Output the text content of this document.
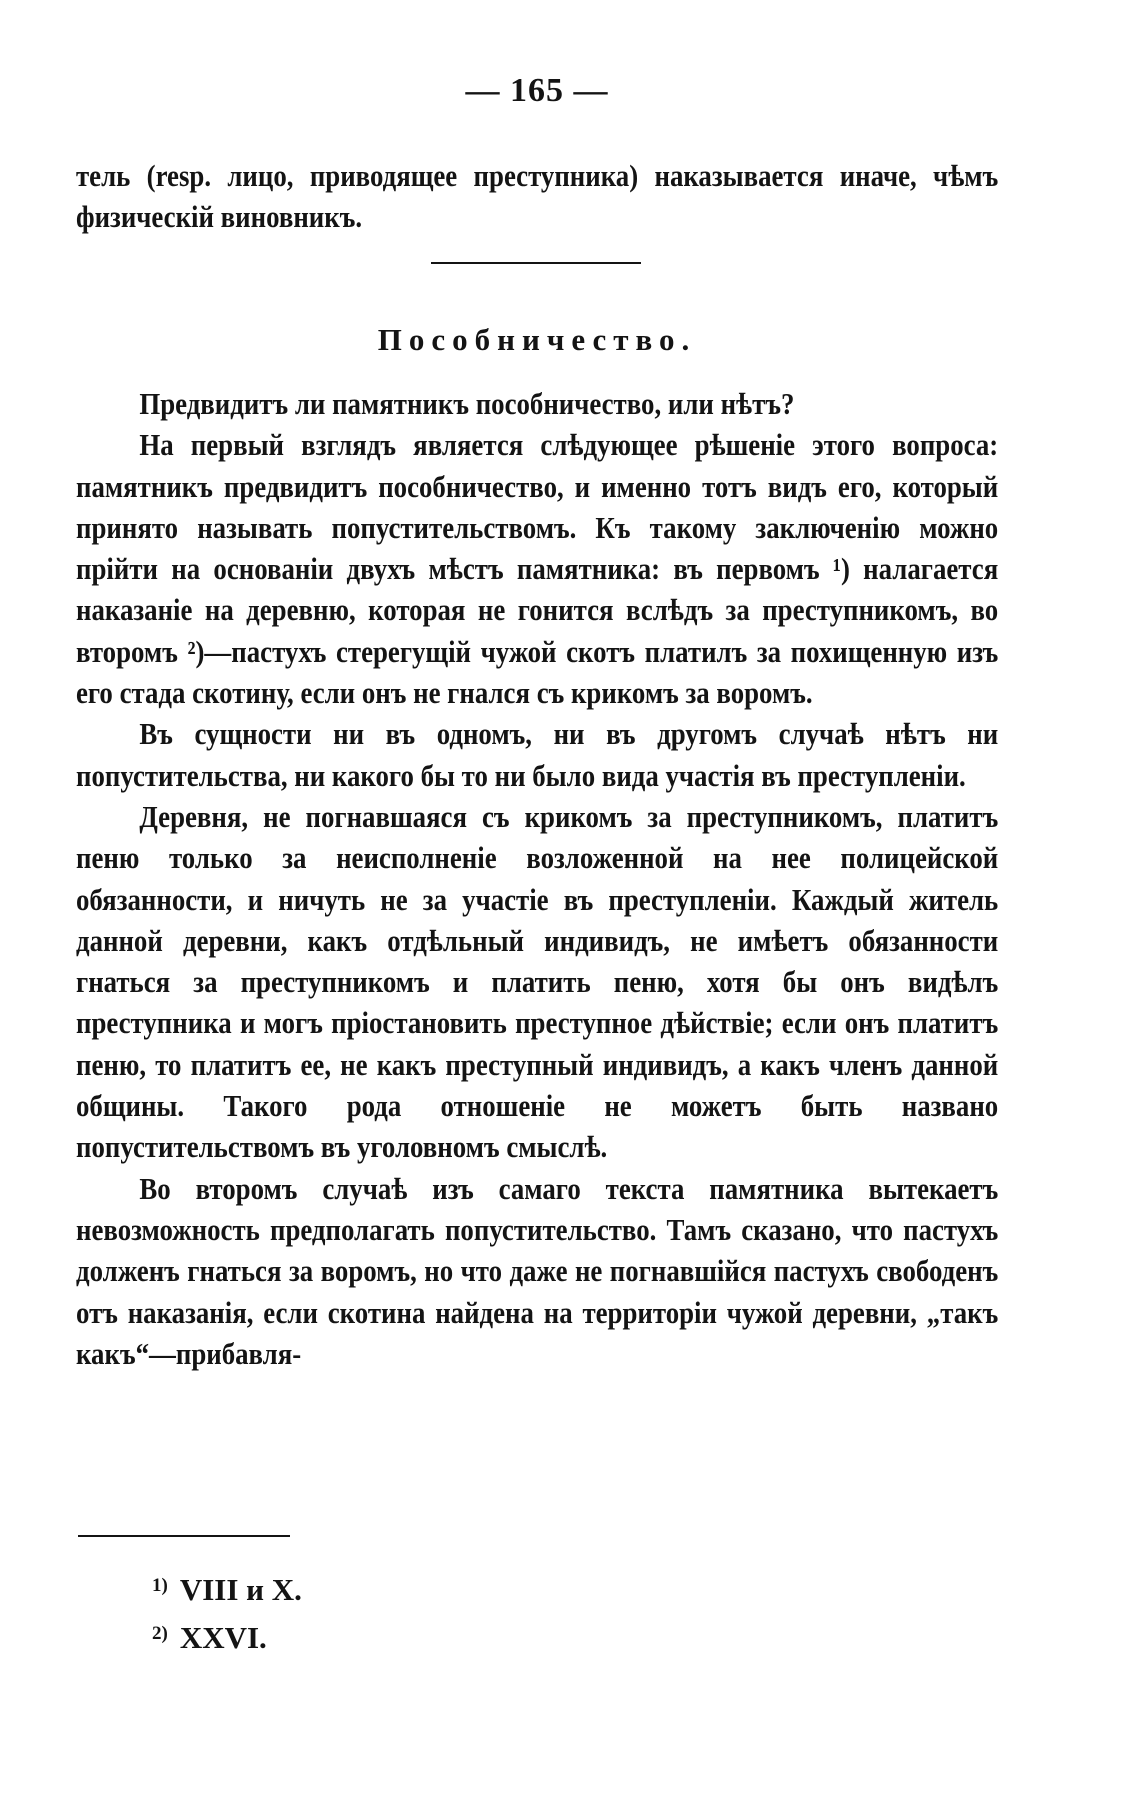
— 165 —

тель (resp. лицо, приводящее преступника) наказывается иначе, чѣмъ физическій виновникъ.

Пособничество.

Предвидитъ ли памятникъ пособничество, или нѣтъ?

На первый взглядъ является слѣдующее рѣшеніе этого вопроса: памятникъ предвидитъ пособничество, и именно тотъ видъ его, который принято называть попустительствомъ. Къ такому заключенію можно прійти на основаніи двухъ мѣстъ памятника: въ первомъ ¹) налагается наказаніе на деревню, которая не гонится вслѣдъ за преступникомъ, во второмъ ²)—пастухъ стерегущій чужой скотъ платилъ за похищенную изъ его стада скотину, если онъ не гнался съ крикомъ за воромъ.

Въ сущности ни въ одномъ, ни въ другомъ случаѣ нѣтъ ни попустительства, ни какого бы то ни было вида участія въ преступленіи.

Деревня, не погнавшаяся съ крикомъ за преступникомъ, платитъ пеню только за неисполненіе возложенной на нее полицейской обязанности, и ничуть не за участіе въ преступленіи. Каждый житель данной деревни, какъ отдѣльный индивидъ, не имѣетъ обязанности гнаться за преступникомъ и платить пеню, хотя бы онъ видѣлъ преступника и могъ пріостановить преступное дѣйствіе; если онъ платитъ пеню, то платитъ ее, не какъ преступный индивидъ, а какъ членъ данной общины. Такого рода отношеніе не можетъ быть названо попустительствомъ въ уголовномъ смыслѣ.

Во второмъ случаѣ изъ самаго текста памятника вытекаетъ невозможность предполагать попустительство. Тамъ сказано, что пастухъ долженъ гнаться за воромъ, но что даже не погнавшійся пастухъ свободенъ отъ наказанія, если скотина найдена на территоріи чужой деревни, „такъ какъ“—прибавля-

$^{1)}$ VIII и X.
$^{2)}$ XXVI.
